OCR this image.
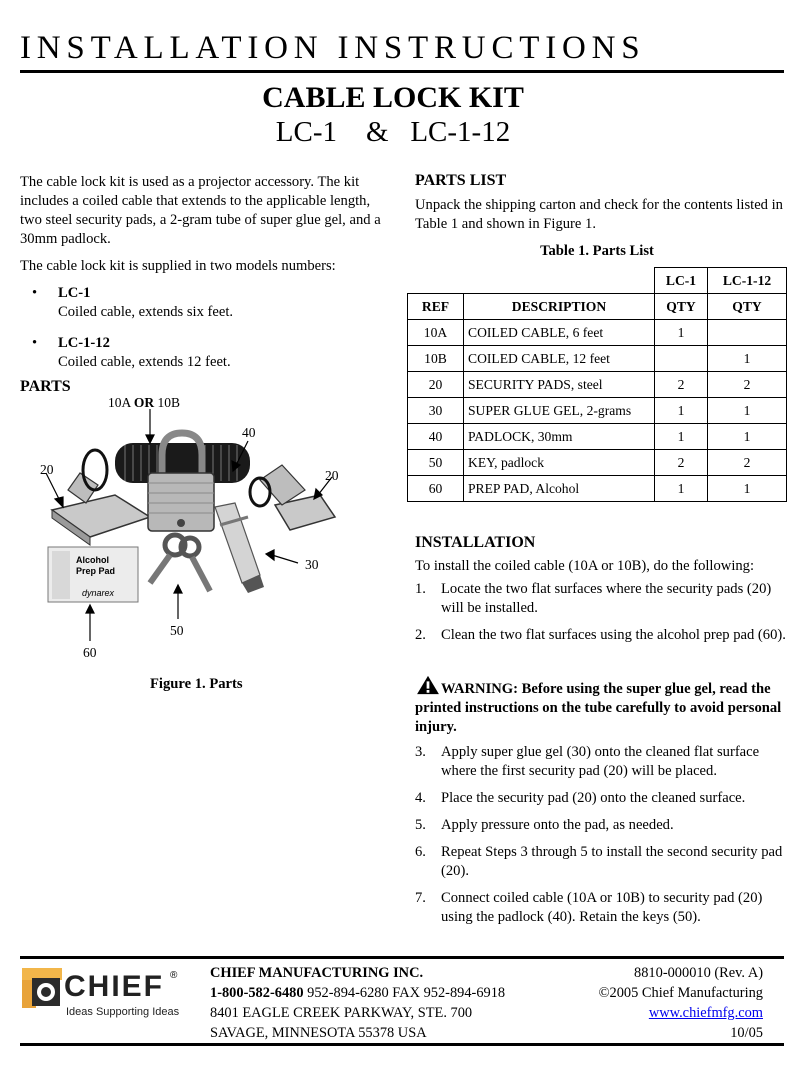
INSTALLATION INSTRUCTIONS
CABLE LOCK KIT
LC-1    &   LC-1-12

The cable lock kit is used as a projector accessory. The kit includes a coiled cable that extends to the applicable length, two steel security pads, a 2-gram tube of super glue gel, and a 30mm padlock.

The cable lock kit is supplied in two models numbers:

• LC-1
Coiled cable, extends six feet.
• LC-1-12
Coiled cable, extends 12 feet.
PARTS
Alcohol
Prep Pad
dynarex
10A OR 10B
40
20	20
30
50
60
Figure 1. Parts
PARTS LIST

Unpack the shipping carton and check for the contents listed in Table 1 and shown in Figure 1.

Table 1. Parts List
		LC-1	LC-1-12
REF	DESCRIPTION	QTY	QTY
10A	COILED CABLE, 6 feet	1	
10B	COILED CABLE, 12 feet		1
20	SECURITY PADS, steel	2	2
30	SUPER GLUE GEL, 2-grams	1	1
40	PADLOCK, 30mm	1	1
50	KEY, padlock	2	2
60	PREP PAD, Alcohol	1	1
INSTALLATION
To install the coiled cable (10A or 10B), do the following:
1. Locate the two flat surfaces where the security pads (20) will be installed.
2. Clean the two flat surfaces using the alcohol prep pad (60).
WARNING: Before using the super glue gel, read the printed instructions on the tube carefully to avoid personal injury.
3. Apply super glue gel (30) onto the cleaned flat surface where the first security pad (20) will be placed.
4. Place the security pad (20) onto the cleaned surface.
5. Apply pressure onto the pad, as needed.
6. Repeat Steps 3 through 5 to install the second security pad (20).
7. Connect coiled cable (10A or 10B) to security pad (20) using the padlock (40). Retain the keys (50).
CHIEF ®
Ideas Supporting Ideas
CHIEF MANUFACTURING INC.
1-800-582-6480 952-894-6280 FAX 952-894-6918
8401 EAGLE CREEK PARKWAY, STE. 700
SAVAGE, MINNESOTA 55378 USA
8810-000010 (Rev. A)
©2005 Chief Manufacturing
www.chiefmfg.com
10/05
